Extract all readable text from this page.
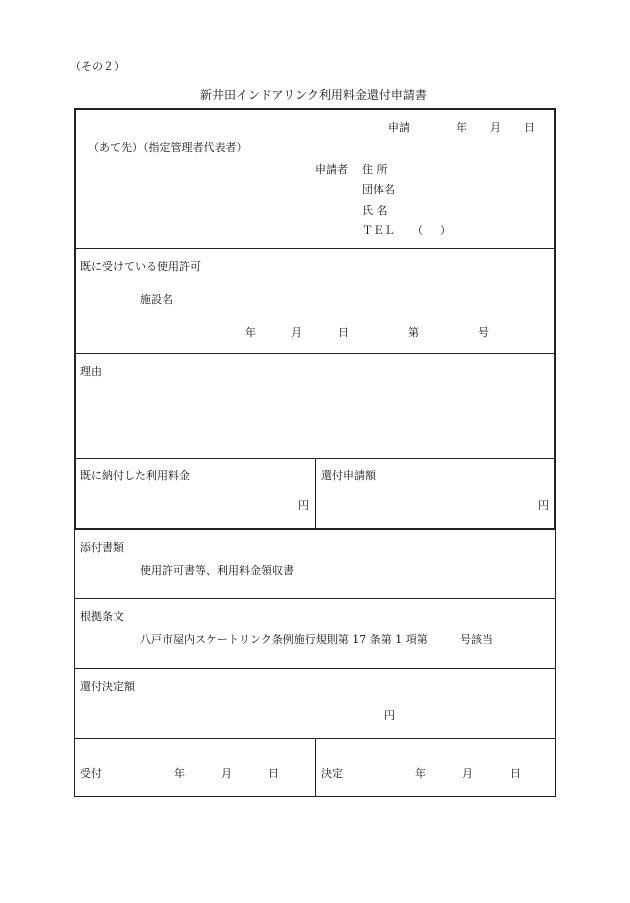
（その２）
新井田インドアリンク利用料金還付申請書
申請	年 月 日
（あて先）（指定管理者代表者）
申請者 住 所
団体名
氏 名
ＴＥＬ （ ）
既に受けている使用許可
施設名
年	月	日	第	号
理由
既に納付した利用料金
円
還付申請額
円
添付書類
使用許可書等、利用料金領収書
根拠条文
八戸市屋内スケートリンク条例施行規則第 17 条第 1 項第	号該当
還付決定額
円
受付	年	月	日	決定	年	月	日
